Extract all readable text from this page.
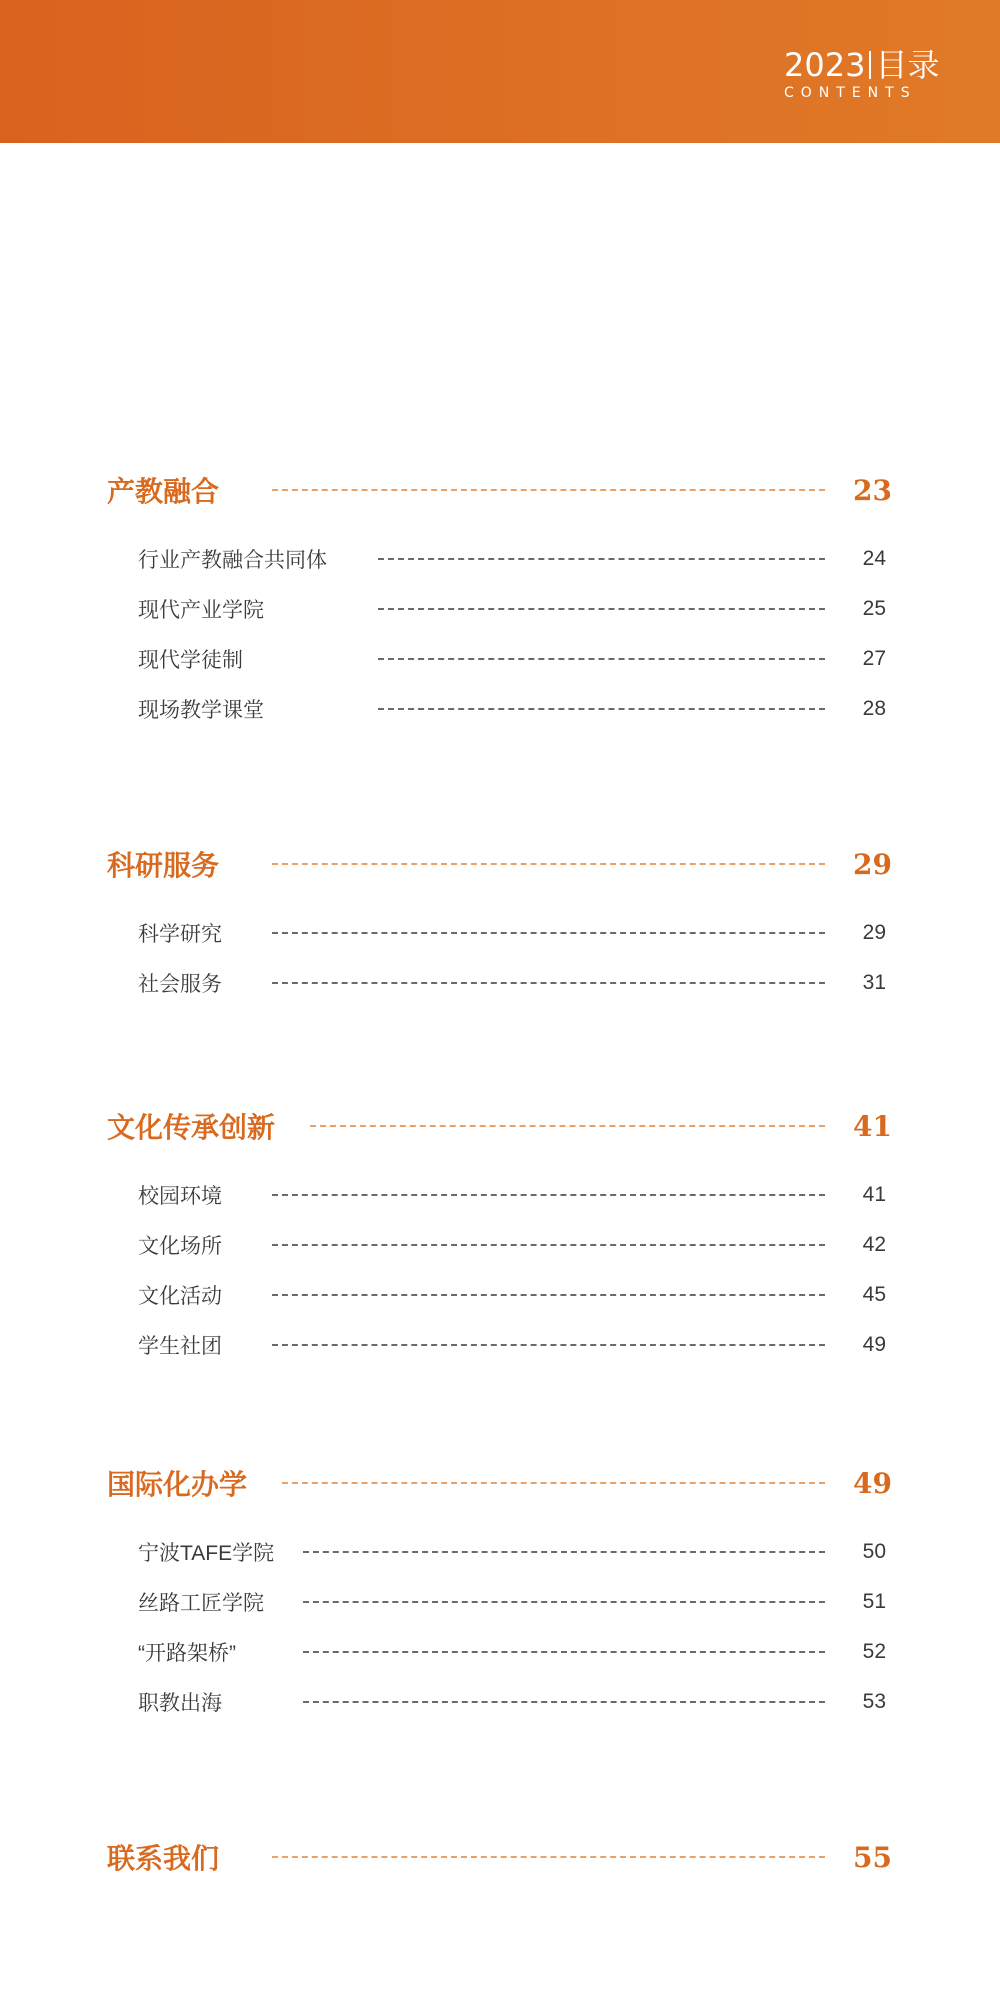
2023 目录
CONTENTS
产教融合	23
行业产教融合共同体	24
现代产业学院	25
现代学徒制	27
现场教学课堂	28
科研服务	29
科学研究	29
社会服务	31
文化传承创新	41
校园环境	41
文化场所	42
文化活动	45
学生社团	49
国际化办学	49
宁波TAFE学院	50
丝路工匠学院	51
“开路架桥”	52
职教出海	53
联系我们	55
